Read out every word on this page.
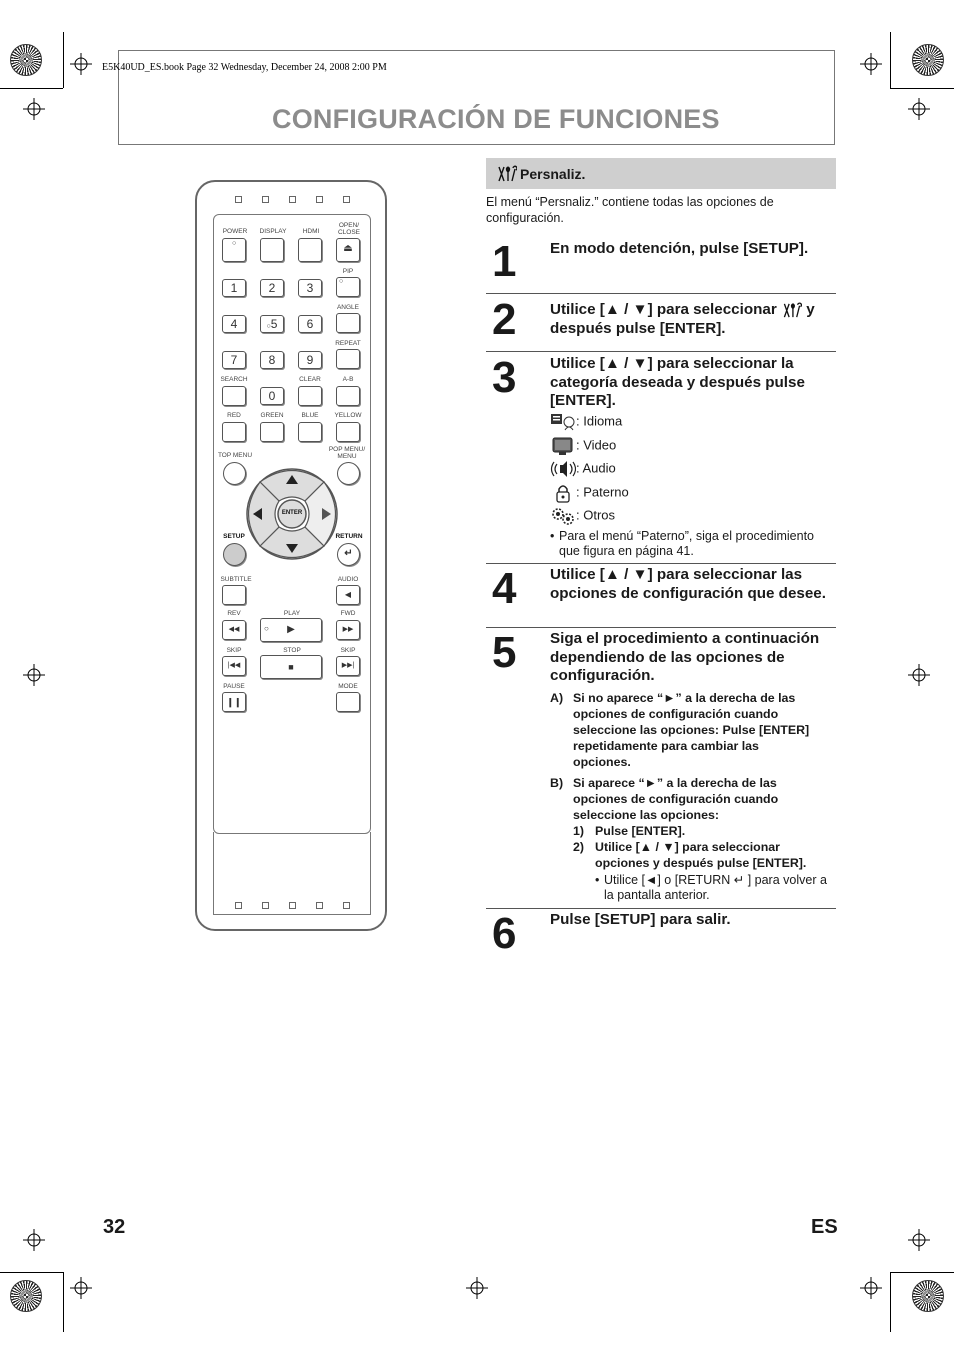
E5K40UD_ES.book Page 32 Wednesday, December 24, 2008 2:00 PM
CONFIGURACIÓN DE FUNCIONES
POWER	DISPLAY	HDMI
OPEN/ CLOSE
○	⏏
PIP
○
1	2	3
ANGLE
4	○5	6
REPEAT
7	8	9
SEARCH	CLEAR	A-B
0
RED	GREEN	BLUE	YELLOW
TOP MENU
POP MENU/ MENU
ENTER
SETUP	RETURN
↵
SUBTITLE	AUDIO
◀
REV	PLAY	FWD
◀◀	○	▶	▶▶
SKIP	STOP	SKIP
|◀◀	■	▶▶|
PAUSE	MODE
❙❙
Persnaliz.
El menú “Persnaliz.” contiene todas las opciones de configuración.
1 En modo detención, pulse [SETUP].
2 Utilice [▲ / ▼] para seleccionar y después pulse [ENTER].
3 Utilice [▲ / ▼] para seleccionar la categoría deseada y después pulse [ENTER].
: Idioma
: Video
: Audio
: Paterno
: Otros
• Para el menú “Paterno”, siga el procedimiento que figura en página 41.
4 Utilice [▲ / ▼] para seleccionar las opciones de configuración que desee.
5 Siga el procedimiento a continuación dependiendo de las opciones de configuración.
A) Si no aparece “►” a la derecha de las opciones de configuración cuando seleccione las opciones: Pulse [ENTER] repetidamente para cambiar las opciones.
B) Si aparece “►” a la derecha de las opciones de configuración cuando seleccione las opciones:
1) Pulse [ENTER].
2) Utilice [▲ / ▼] para seleccionar opciones y después pulse [ENTER].
• Utilice [◄] o [RETURN ↵ ] para volver a la pantalla anterior.
6 Pulse [SETUP] para salir.
32	ES
